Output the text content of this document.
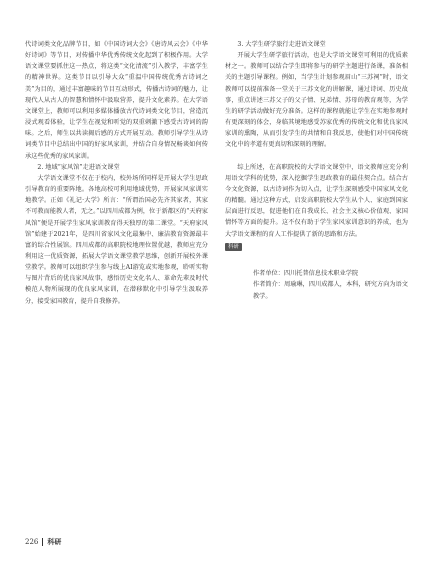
代诗词类文化品牌节目，如《中国诗词大会》《唐诗风云会》《中华好诗词》等节目，对传播中华优秀传统文化起到了积极作用。大学语文课堂要抓住这一热点，将这类“文化清流”引入教学，丰富学生的精神世界。这类节目以引导大众“重温中国传统优秀古诗词之美”为目的，通过丰富趣味的节目互动形式，传播古诗词的魅力，让现代人从古人的智慧和情怀中汲取营养，提升文化素养。在大学语文课堂上，教师可以利用多媒体播放古代诗词类文化节目，营造沉浸式观看体验，让学生在视觉和听觉的双重刺激下感受古诗词的韵味。之后，师生以共读揭后感的方式开展互动。教师引导学生从诗词类节目中总结出中国的好家风家训，并结合自身情况畅谈如何传承这些优秀的家风家训。

2. 地域“家风馆”走进语文课堂

大学语文课堂不仅在于校内，校外场所同样是开展大学生思政引导教育的重要阵地。各地高校可利用地域优势，开展家风家训实地教学。正如《礼记·大学》所言：“所谓治国必先齐其家者，其家不可教而能教人者，无之。”以四川成都为例，位于新都区的“天府家风馆”便是开展学生家风家训教育得天独厚的第二课堂。“天府家风馆”始建于2021年，是四川省家风文化最集中、廉洁教育资源最丰富的综合性展馆。四川成都的高职院校地理位置优越，教师应充分利用这一优质资源，拓展大学语文课堂教学思维，创新开展校外课堂教学。教师可以组织学生参与线上AI游览或实地参观，聆听实物与图片背后的优良家风故事，感悟历史文化名人、革命先辈及时代模范人物所展现的优良家风家训，在潜移默化中引导学生汲取养分，接受家国教育，提升自我修养。

3. 大学生研学旅行走进语文课堂

开展大学生研学旅行活动，也是大学语文课堂可利用的优质素材之一。教师可以结合学生即将参与的研学主题进行备课，准备相关的主题引导课程。例如，当学生计划参观眉山“三苏祠”时，语文教师可以提前准备一堂关于三苏文化的讲解课，通过诗词、历史故事，重点讲述三苏父子的父子情、兄弟情、苏母的教育观等，为学生的研学活动做好充分准备。这样的课程就能让学生在实地参观时有更深刻的体会，身临其境地感受苏家优秀的传统文化和优良家风家训的熏陶，从而引发学生的共情和自我反思，使他们对中国传统文化中的孝道有更真切和深刻的理解。

综上所述，在高职院校的大学语文课堂中，语文教师应充分利用语文学科的优势，深入挖掘学生思政教育的最佳契合点。结合古今文化资源，以古诗词作为切入点，让学生深刻感受中国家风文化的精髓。通过这种方式，启发高职院校大学生从个人、家庭到国家层面进行反思，促进他们在自我成长、社会主义核心价值观、家国情怀等方面的提升。这不仅有助于学生家风家训意识的养成，也为大学语文课程的育人工作提供了新的思路和方法。

科研

作者单位：四川托普信息技术职业学院

作者简介：周瑜琳，四川成都人，本科，研究方向为语文教学。

226 科研
